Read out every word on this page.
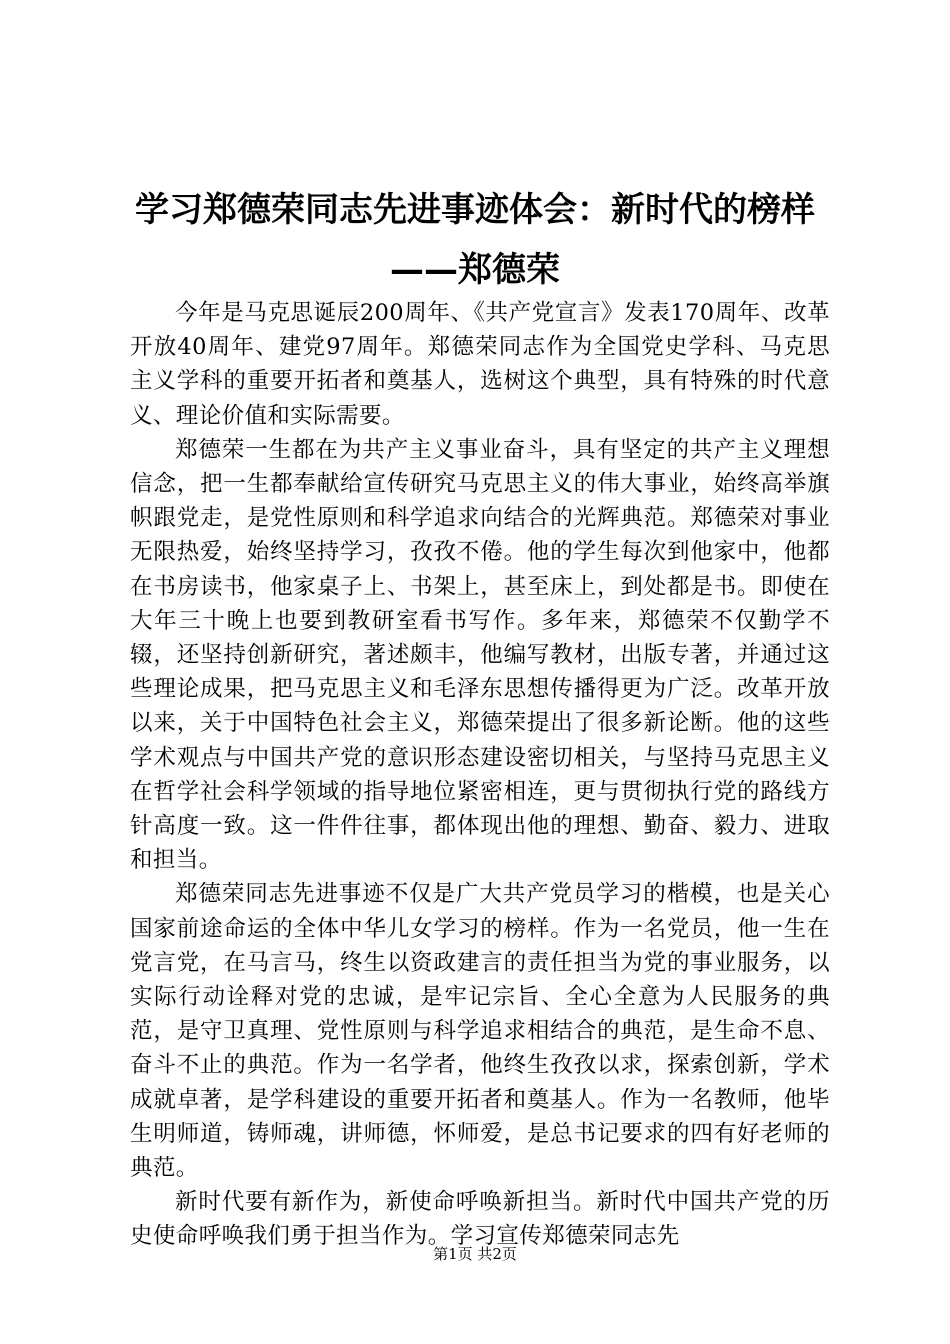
学习郑德荣同志先进事迹体会：新时代的榜样
——郑德荣

今年是马克思诞辰200周年、《共产党宣言》发表170周年、改革开放40周年、建党97周年。郑德荣同志作为全国党史学科、马克思主义学科的重要开拓者和奠基人，选树这个典型，具有特殊的时代意义、理论价值和实际需要。

郑德荣一生都在为共产主义事业奋斗，具有坚定的共产主义理想信念，把一生都奉献给宣传研究马克思主义的伟大事业，始终高举旗帜跟党走，是党性原则和科学追求向结合的光辉典范。郑德荣对事业无限热爱，始终坚持学习，孜孜不倦。他的学生每次到他家中，他都在书房读书，他家桌子上、书架上，甚至床上，到处都是书。即使在大年三十晚上也要到教研室看书写作。多年来，郑德荣不仅勤学不辍，还坚持创新研究，著述颇丰，他编写教材，出版专著，并通过这些理论成果，把马克思主义和毛泽东思想传播得更为广泛。改革开放以来，关于中国特色社会主义，郑德荣提出了很多新论断。他的这些学术观点与中国共产党的意识形态建设密切相关，与坚持马克思主义在哲学社会科学领域的指导地位紧密相连，更与贯彻执行党的路线方针高度一致。这一件件往事，都体现出他的理想、勤奋、毅力、进取和担当。

郑德荣同志先进事迹不仅是广大共产党员学习的楷模，也是关心国家前途命运的全体中华儿女学习的榜样。作为一名党员，他一生在党言党，在马言马，终生以资政建言的责任担当为党的事业服务，以实际行动诠释对党的忠诚，是牢记宗旨、全心全意为人民服务的典范，是守卫真理、党性原则与科学追求相结合的典范，是生命不息、奋斗不止的典范。作为一名学者，他终生孜孜以求，探索创新，学术成就卓著，是学科建设的重要开拓者和奠基人。作为一名教师，他毕生明师道，铸师魂，讲师德，怀师爱，是总书记要求的四有好老师的典范。

新时代要有新作为，新使命呼唤新担当。新时代中国共产党的历史使命呼唤我们勇于担当作为。学习宣传郑德荣同志先

第1页 共2页
